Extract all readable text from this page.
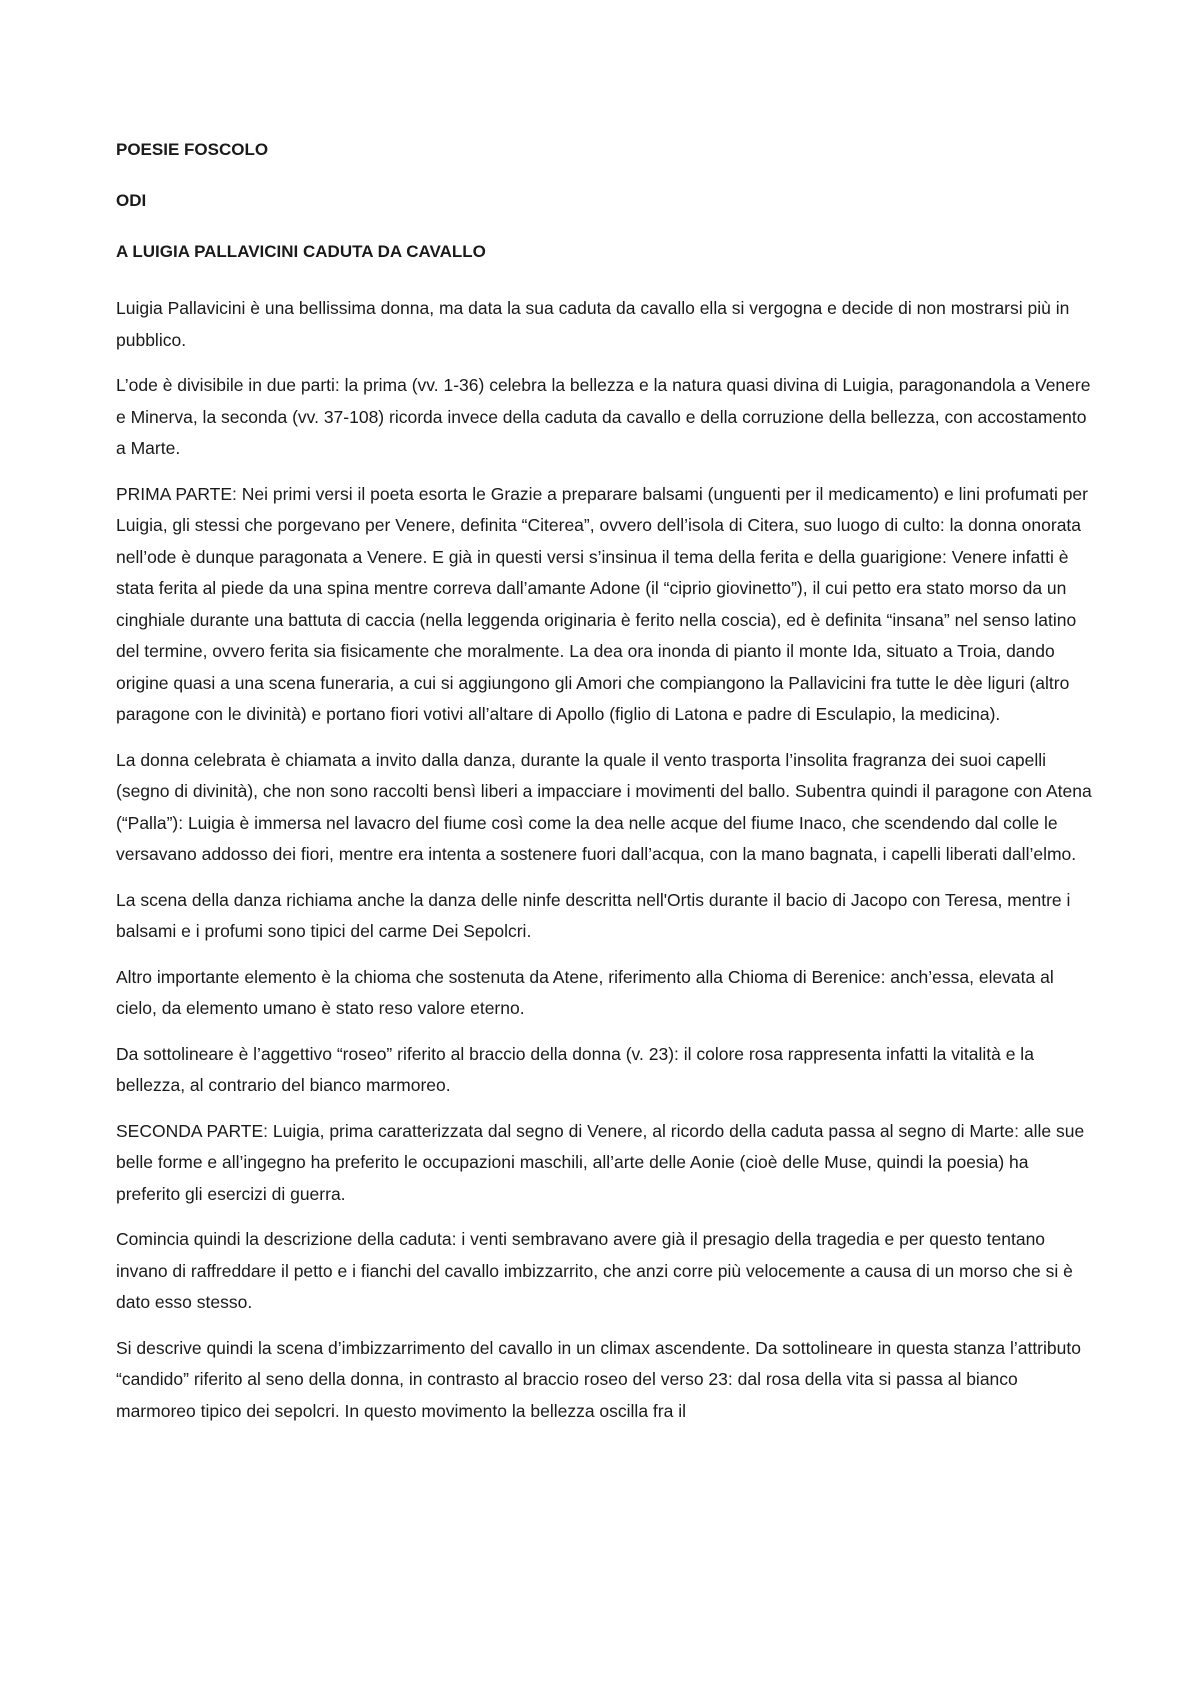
POESIE FOSCOLO
ODI
A LUIGIA PALLAVICINI CADUTA DA CAVALLO

Luigia Pallavicini è una bellissima donna, ma data la sua caduta da cavallo ella si vergogna e decide di non mostrarsi più in pubblico.

L’ode è divisibile in due parti: la prima (vv. 1-36) celebra la bellezza e la natura quasi divina di Luigia, paragonandola a Venere e Minerva, la seconda (vv. 37-108) ricorda invece della caduta da cavallo e della corruzione della bellezza, con accostamento a Marte.

PRIMA PARTE: Nei primi versi il poeta esorta le Grazie a preparare balsami (unguenti per il medicamento) e lini profumati per Luigia, gli stessi che porgevano per Venere, definita “Citerea”, ovvero dell’isola di Citera, suo luogo di culto: la donna onorata nell’ode è dunque paragonata a Venere. E già in questi versi s’insinua il tema della ferita e della guarigione: Venere infatti è stata ferita al piede da una spina mentre correva dall’amante Adone (il “ciprio giovinetto”), il cui petto era stato morso da un cinghiale durante una battuta di caccia (nella leggenda originaria è ferito nella coscia), ed è definita “insana” nel senso latino del termine, ovvero ferita sia fisicamente che moralmente. La dea ora inonda di pianto il monte Ida, situato a Troia, dando origine quasi a una scena funeraria, a cui si aggiungono gli Amori che compiangono la Pallavicini fra tutte le dèe liguri (altro paragone con le divinità) e portano fiori votivi all’altare di Apollo (figlio di Latona e padre di Esculapio, la medicina).

La donna celebrata è chiamata a invito dalla danza, durante la quale il vento trasporta l’insolita fragranza dei suoi capelli (segno di divinità), che non sono raccolti bensì liberi a impacciare i movimenti del ballo. Subentra quindi il paragone con Atena (“Palla”): Luigia è immersa nel lavacro del fiume così come la dea nelle acque del fiume Inaco, che scendendo dal colle le versavano addosso dei fiori, mentre era intenta a sostenere fuori dall’acqua, con la mano bagnata, i capelli liberati dall’elmo.

La scena della danza richiama anche la danza delle ninfe descritta nell'Ortis durante il bacio di Jacopo con Teresa, mentre i balsami e i profumi sono tipici del carme Dei Sepolcri.

Altro importante elemento è la chioma che sostenuta da Atene, riferimento alla Chioma di Berenice: anch’essa, elevata al cielo, da elemento umano è stato reso valore eterno.

Da sottolineare è l’aggettivo “roseo” riferito al braccio della donna (v. 23): il colore rosa rappresenta infatti la vitalità e la bellezza, al contrario del bianco marmoreo.

SECONDA PARTE: Luigia, prima caratterizzata dal segno di Venere, al ricordo della caduta passa al segno di Marte: alle sue belle forme e all’ingegno ha preferito le occupazioni maschili, all’arte delle Aonie (cioè delle Muse, quindi la poesia) ha preferito gli esercizi di guerra.

Comincia quindi la descrizione della caduta: i venti sembravano avere già il presagio della tragedia e per questo tentano invano di raffreddare il petto e i fianchi del cavallo imbizzarrito, che anzi corre più velocemente a causa di un morso che si è dato esso stesso.

Si descrive quindi la scena d’imbizzarrimento del cavallo in un climax ascendente. Da sottolineare in questa stanza l’attributo “candido” riferito al seno della donna, in contrasto al braccio roseo del verso 23: dal rosa della vita si passa al bianco marmoreo tipico dei sepolcri. In questo movimento la bellezza oscilla fra il
